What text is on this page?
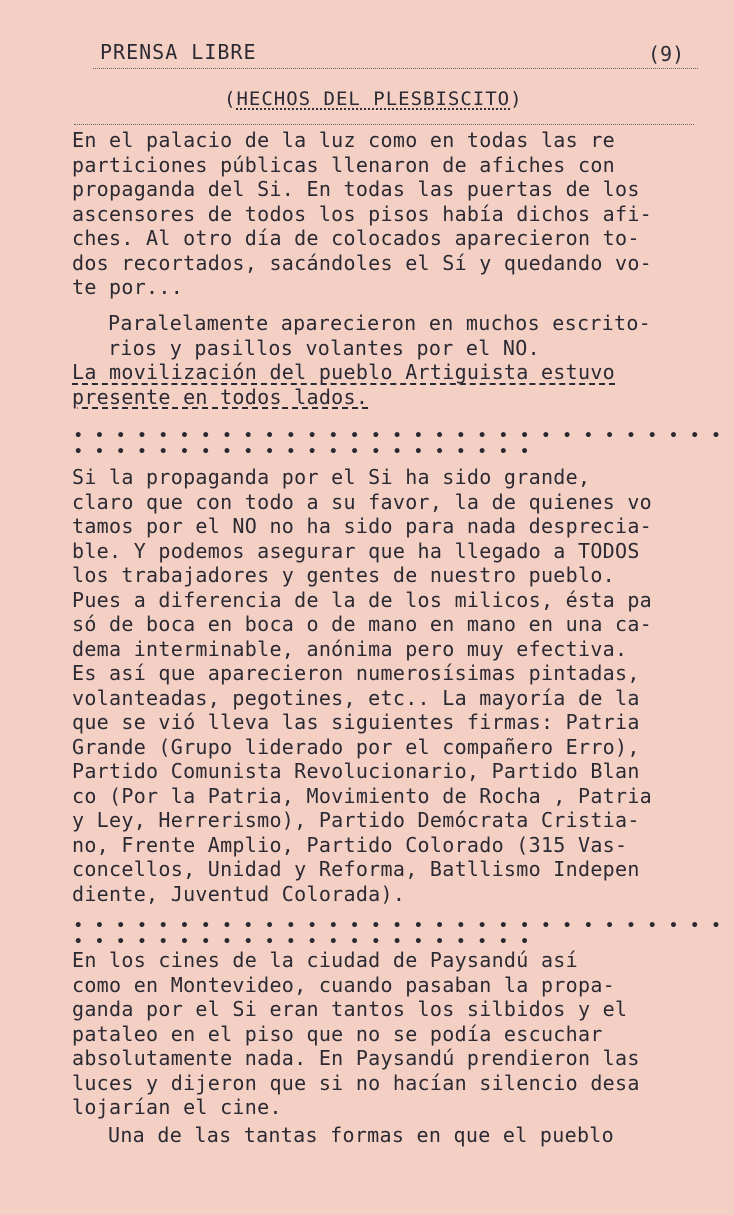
PRENSA LIBRE	(9)
(HECHOS DEL PLESBISCITO)

En el palacio de la luz como en todas las re
particiones públicas llenaron de afiches con
propaganda del Si. En todas las puertas de los
ascensores de todos los pisos había dichos afi-
ches. Al otro día de colocados aparecieron to-
dos recortados, sacándoles el Sí y quedando vo-
te por...

Paralelamente aparecieron en muchos escrito-
rios y pasillos volantes por el NO.

La movilización del pueblo Artiguista estuvo
presente en todos lados.

• • • • • • • • • • • • • • • • • • • • • • • • • • • • • • • • • • • • • • • • • • • • • • • • • • • • •

Si la propaganda por el Si ha sido grande,
claro que con todo a su favor, la de quienes vo
tamos por el NO no ha sido para nada desprecia-
ble. Y podemos asegurar que ha llegado a TODOS
los trabajadores y gentes de nuestro pueblo.
Pues a diferencia de la de los milicos, ésta pa
só de boca en boca o de mano en mano en una ca-
dema interminable, anónima pero muy efectiva.
Es así que aparecieron numerosísimas pintadas,
volanteadas, pegotines, etc.. La mayoría de la
que se vió lleva las siguientes firmas: Patria
Grande (Grupo liderado por el compañero Erro),
Partido Comunista Revolucionario, Partido Blan
co (Por la Patria, Movimiento de Rocha , Patria
y Ley, Herrerismo), Partido Demócrata Cristia-
no, Frente Amplio, Partido Colorado (315 Vas-
concellos, Unidad y Reforma, Batllismo Indepen
diente, Juventud Colorada).

• • • • • • • • • • • • • • • • • • • • • • • • • • • • • • • • • • • • • • • • • • • • • • • • • • • • •

En los cines de la ciudad de Paysandú así
como en Montevideo, cuando pasaban la propa-
ganda por el Si eran tantos los silbidos y el
pataleo en el piso que no se podía escuchar
absolutamente nada. En Paysandú prendieron las
luces y dijeron que si no hacían silencio desa
lojarían el cine.

Una de las tantas formas en que el pueblo
